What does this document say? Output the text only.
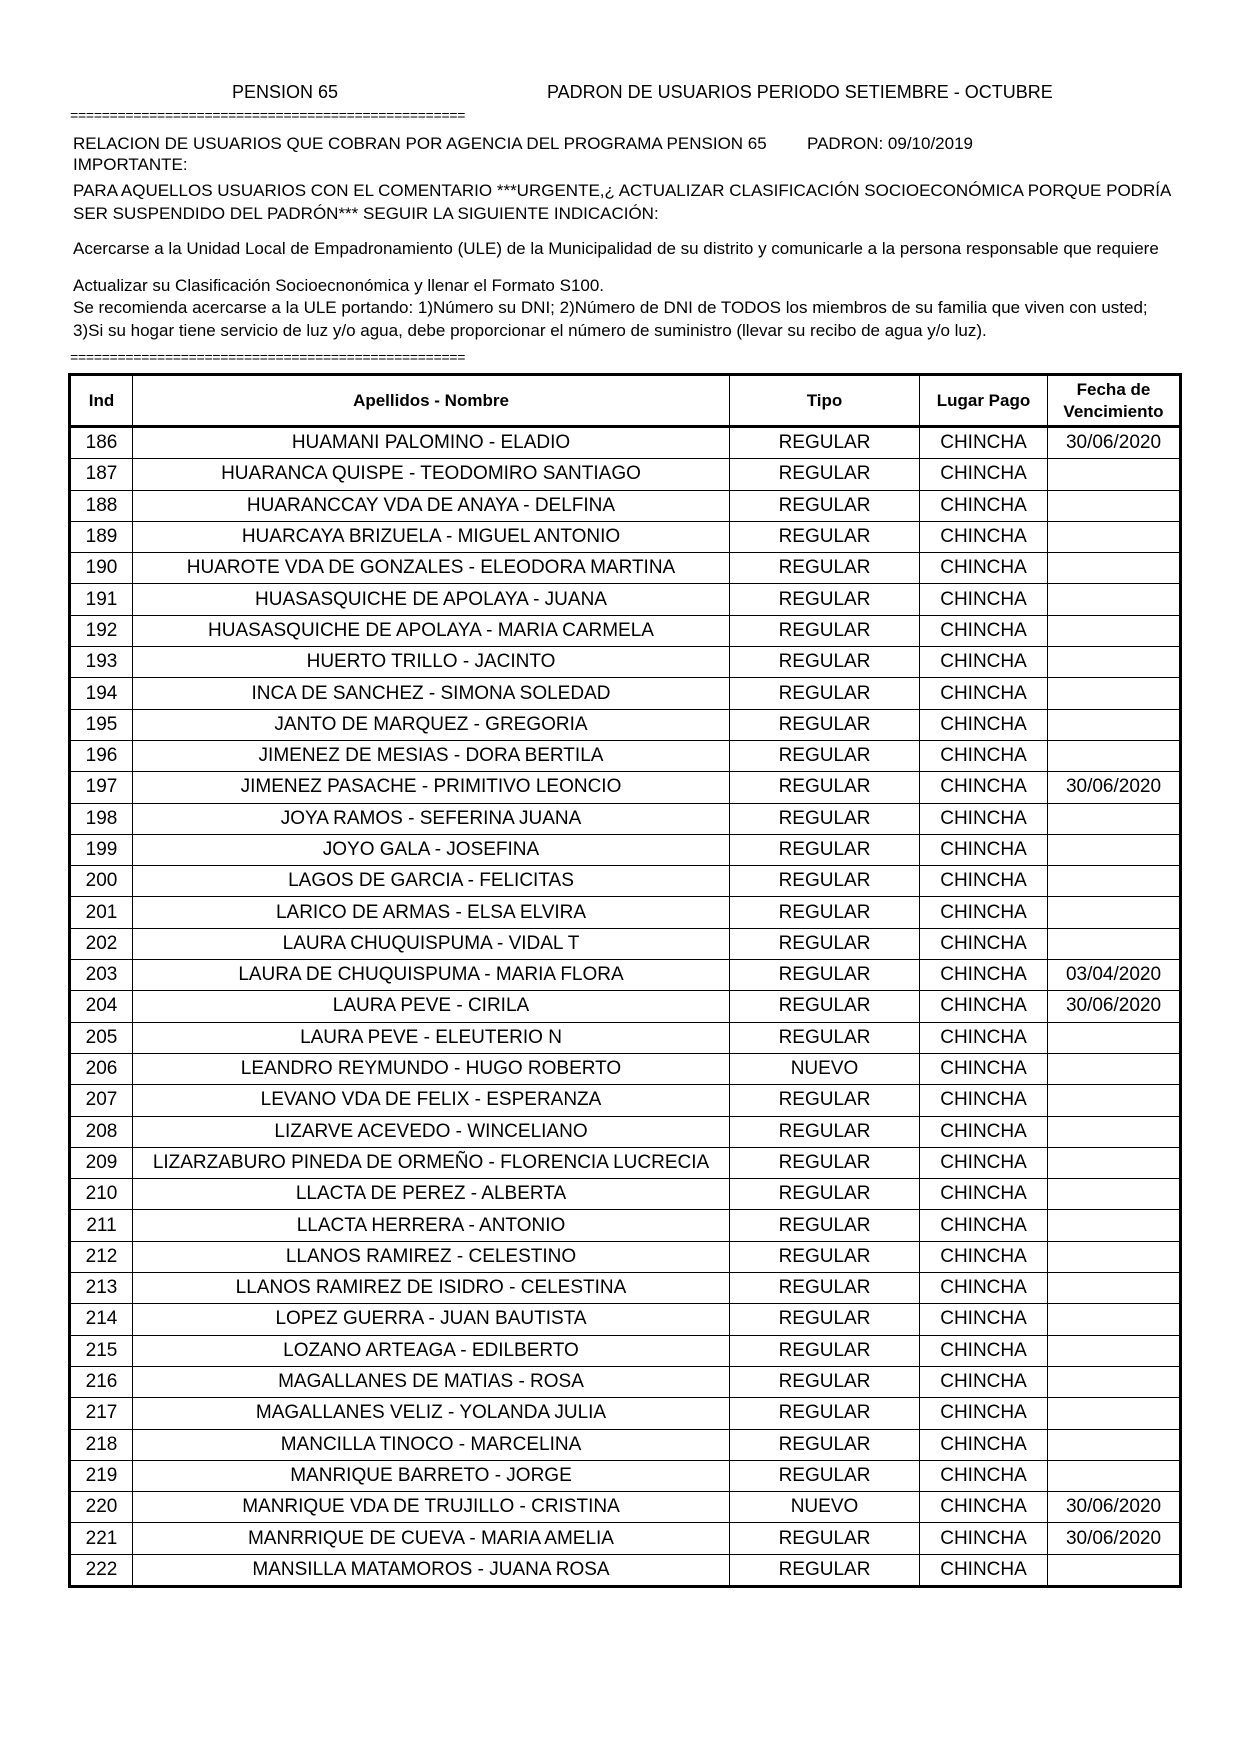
PENSION 65	PADRON DE USUARIOS PERIODO SETIEMBRE - OCTUBRE
==================================================
RELACION DE USUARIOS QUE COBRAN POR AGENCIA DEL PROGRAMA PENSION 65 PADRON: 09/10/2019
IMPORTANTE:
PARA AQUELLOS USUARIOS CON EL COMENTARIO ***URGENTE,¿ ACTUALIZAR CLASIFICACIÓN SOCIOECONÓMICA PORQUE PODRÍA
SER SUSPENDIDO DEL PADRÓN*** SEGUIR LA SIGUIENTE INDICACIÓN:
Acercarse a la Unidad Local de Empadronamiento (ULE) de la Municipalidad de su distrito y comunicarle a la persona responsable que requiere
Actualizar su Clasificación Socioecnonómica y llenar el Formato S100.
Se recomienda acercarse a la ULE portando: 1)Número su DNI; 2)Número de DNI de TODOS los miembros de su familia que viven con usted;
3)Si su hogar tiene servicio de luz y/o agua, debe proporcionar el número de suministro (llevar su recibo de agua y/o luz).
==================================================
Ind	Apellidos - Nombre	Tipo	Lugar Pago	Fecha de
Vencimiento
186	HUAMANI PALOMINO - ELADIO	REGULAR	CHINCHA	30/06/2020
187	HUARANCA QUISPE - TEODOMIRO SANTIAGO	REGULAR	CHINCHA	
188	HUARANCCAY VDA DE ANAYA - DELFINA	REGULAR	CHINCHA	
189	HUARCAYA BRIZUELA - MIGUEL ANTONIO	REGULAR	CHINCHA	
190	HUAROTE VDA DE GONZALES - ELEODORA MARTINA	REGULAR	CHINCHA	
191	HUASASQUICHE DE APOLAYA - JUANA	REGULAR	CHINCHA	
192	HUASASQUICHE DE APOLAYA - MARIA CARMELA	REGULAR	CHINCHA	
193	HUERTO TRILLO - JACINTO	REGULAR	CHINCHA	
194	INCA DE SANCHEZ - SIMONA SOLEDAD	REGULAR	CHINCHA	
195	JANTO DE MARQUEZ - GREGORIA	REGULAR	CHINCHA	
196	JIMENEZ DE MESIAS - DORA BERTILA	REGULAR	CHINCHA	
197	JIMENEZ PASACHE - PRIMITIVO LEONCIO	REGULAR	CHINCHA	30/06/2020
198	JOYA RAMOS - SEFERINA JUANA	REGULAR	CHINCHA	
199	JOYO GALA - JOSEFINA	REGULAR	CHINCHA	
200	LAGOS DE GARCIA - FELICITAS	REGULAR	CHINCHA	
201	LARICO DE ARMAS - ELSA ELVIRA	REGULAR	CHINCHA	
202	LAURA CHUQUISPUMA - VIDAL T	REGULAR	CHINCHA	
203	LAURA DE CHUQUISPUMA - MARIA FLORA	REGULAR	CHINCHA	03/04/2020
204	LAURA PEVE - CIRILA	REGULAR	CHINCHA	30/06/2020
205	LAURA PEVE - ELEUTERIO N	REGULAR	CHINCHA	
206	LEANDRO REYMUNDO - HUGO ROBERTO	NUEVO	CHINCHA	
207	LEVANO VDA DE FELIX - ESPERANZA	REGULAR	CHINCHA	
208	LIZARVE ACEVEDO - WINCELIANO	REGULAR	CHINCHA	
209	LIZARZABURO PINEDA DE ORMEÑO - FLORENCIA LUCRECIA	REGULAR	CHINCHA	
210	LLACTA DE PEREZ - ALBERTA	REGULAR	CHINCHA	
211	LLACTA HERRERA - ANTONIO	REGULAR	CHINCHA	
212	LLANOS RAMIREZ - CELESTINO	REGULAR	CHINCHA	
213	LLANOS RAMIREZ DE ISIDRO - CELESTINA	REGULAR	CHINCHA	
214	LOPEZ GUERRA - JUAN BAUTISTA	REGULAR	CHINCHA	
215	LOZANO ARTEAGA - EDILBERTO	REGULAR	CHINCHA	
216	MAGALLANES DE MATIAS - ROSA	REGULAR	CHINCHA	
217	MAGALLANES VELIZ - YOLANDA JULIA	REGULAR	CHINCHA	
218	MANCILLA TINOCO - MARCELINA	REGULAR	CHINCHA	
219	MANRIQUE BARRETO - JORGE	REGULAR	CHINCHA	
220	MANRIQUE VDA DE TRUJILLO - CRISTINA	NUEVO	CHINCHA	30/06/2020
221	MANRRIQUE DE CUEVA - MARIA AMELIA	REGULAR	CHINCHA	30/06/2020
222	MANSILLA MATAMOROS - JUANA ROSA	REGULAR	CHINCHA	
